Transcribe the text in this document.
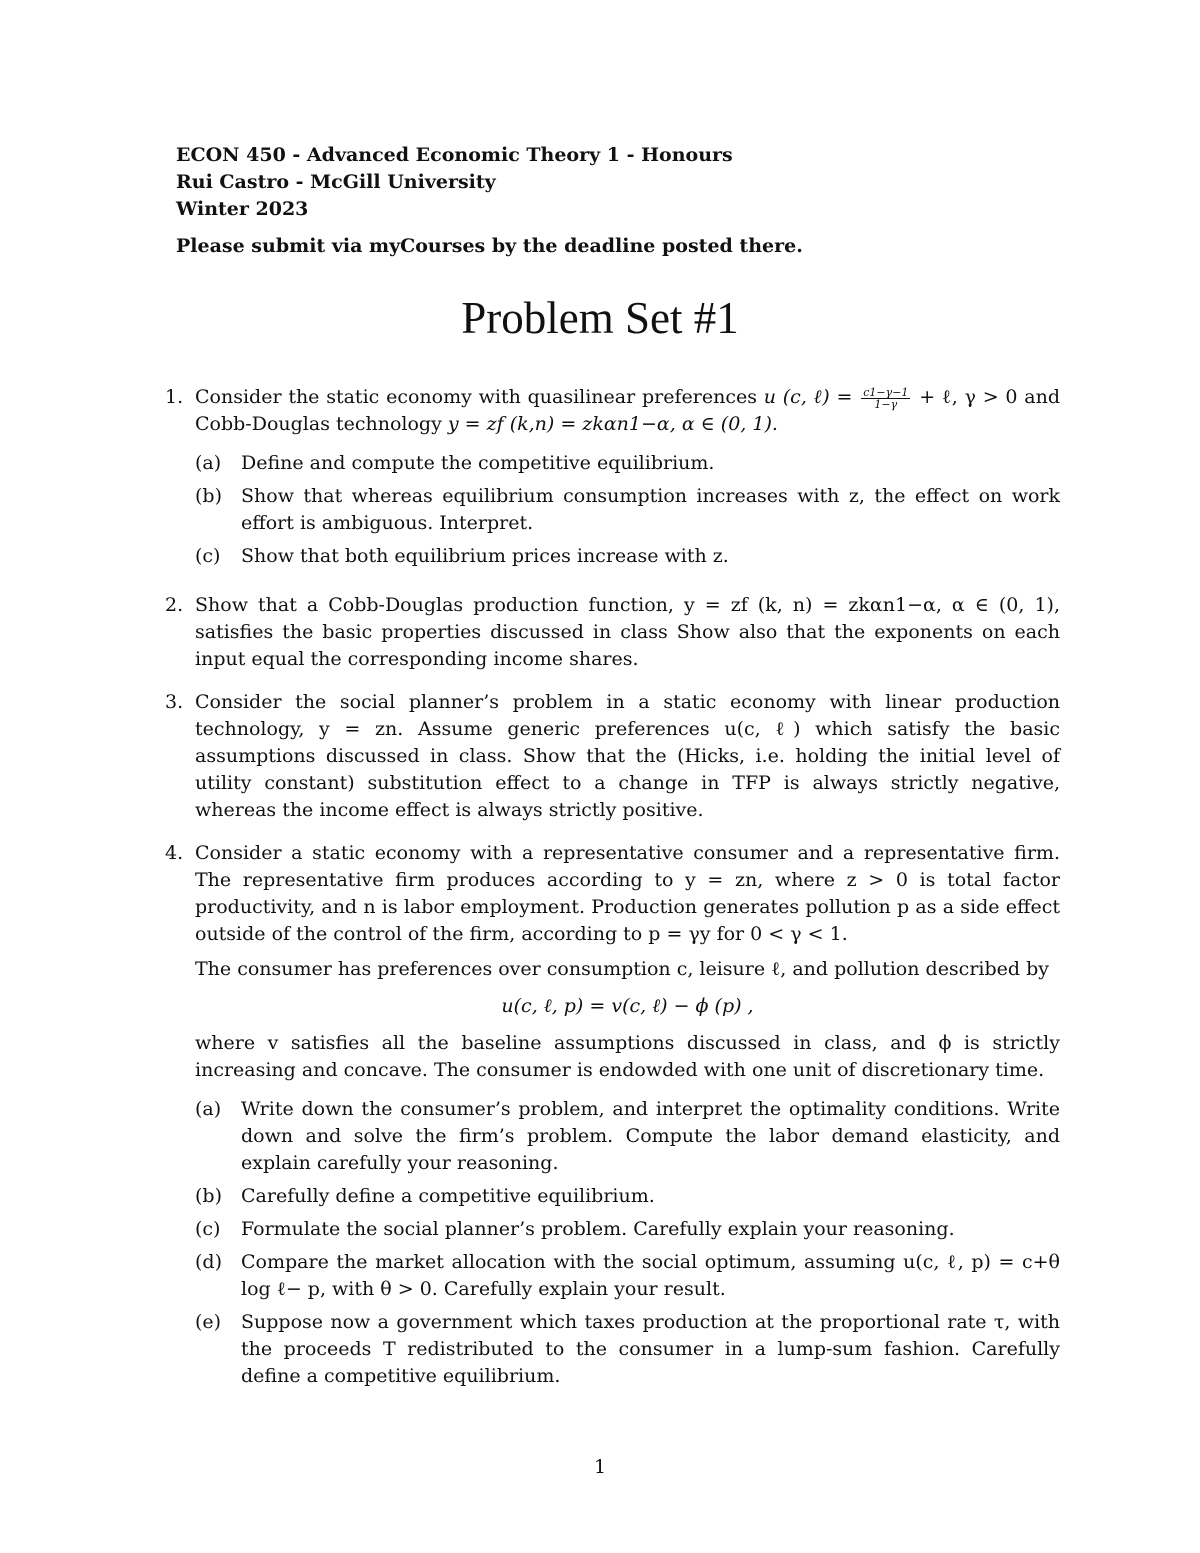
ECON 450 - Advanced Economic Theory 1 - Honours
Rui Castro - McGill University
Winter 2023
Please submit via myCourses by the deadline posted there.
Problem Set #1
1. Consider the static economy with quasilinear preferences u (c, ℓ) = $\frac{c1-\gamma-1}{1-\gamma}$ + ℓ, γ > 0 and Cobb-Douglas technology y = zf (k,n) = zkαn1−α, α ∈ (0, 1).

(a)	Define and compute the competitive equilibrium.
(b)	Show that whereas equilibrium consumption increases with z, the effect on work effort is ambiguous. Interpret.
(c)	Show that both equilibrium prices increase with z.
2. Show that a Cobb-Douglas production function, y = zf (k, n) = zkαn1−α, α ∈ (0, 1), satisfies the basic properties discussed in class Show also that the exponents on each input equal the corresponding income shares.

3. Consider the social planner’s problem in a static economy with linear production technology, y = zn. Assume generic preferences u(c, ℓ) which satisfy the basic assumptions discussed in class. Show that the (Hicks, i.e. holding the initial level of utility constant) substitution effect to a change in TFP is always strictly negative, whereas the income effect is always strictly positive.

4. Consider a static economy with a representative consumer and a representative firm. The representative firm produces according to y = zn, where z > 0 is total factor productivity, and n is labor employment. Production generates pollution p as a side effect outside of the control of the firm, according to p = γy for 0 < γ < 1.

The consumer has preferences over consumption c, leisure ℓ, and pollution described by

u(c, ℓ, p) = v(c, ℓ) − ϕ (p) ,

where v satisfies all the baseline assumptions discussed in class, and ϕ is strictly increasing and concave. The consumer is endowded with one unit of discretionary time.

(a)	Write down the consumer’s problem, and interpret the optimality conditions. Write down and solve the firm’s problem. Compute the labor demand elasticity, and explain carefully your reasoning.
(b)	Carefully define a competitive equilibrium.
(c)	Formulate the social planner’s problem. Carefully explain your reasoning.
(d)	Compare the market allocation with the social optimum, assuming u(c, ℓ, p) = c+θ log ℓ− p, with θ > 0. Carefully explain your result.
(e)	Suppose now a government which taxes production at the proportional rate τ, with the proceeds T redistributed to the consumer in a lump-sum fashion. Carefully define a competitive equilibrium.
1
